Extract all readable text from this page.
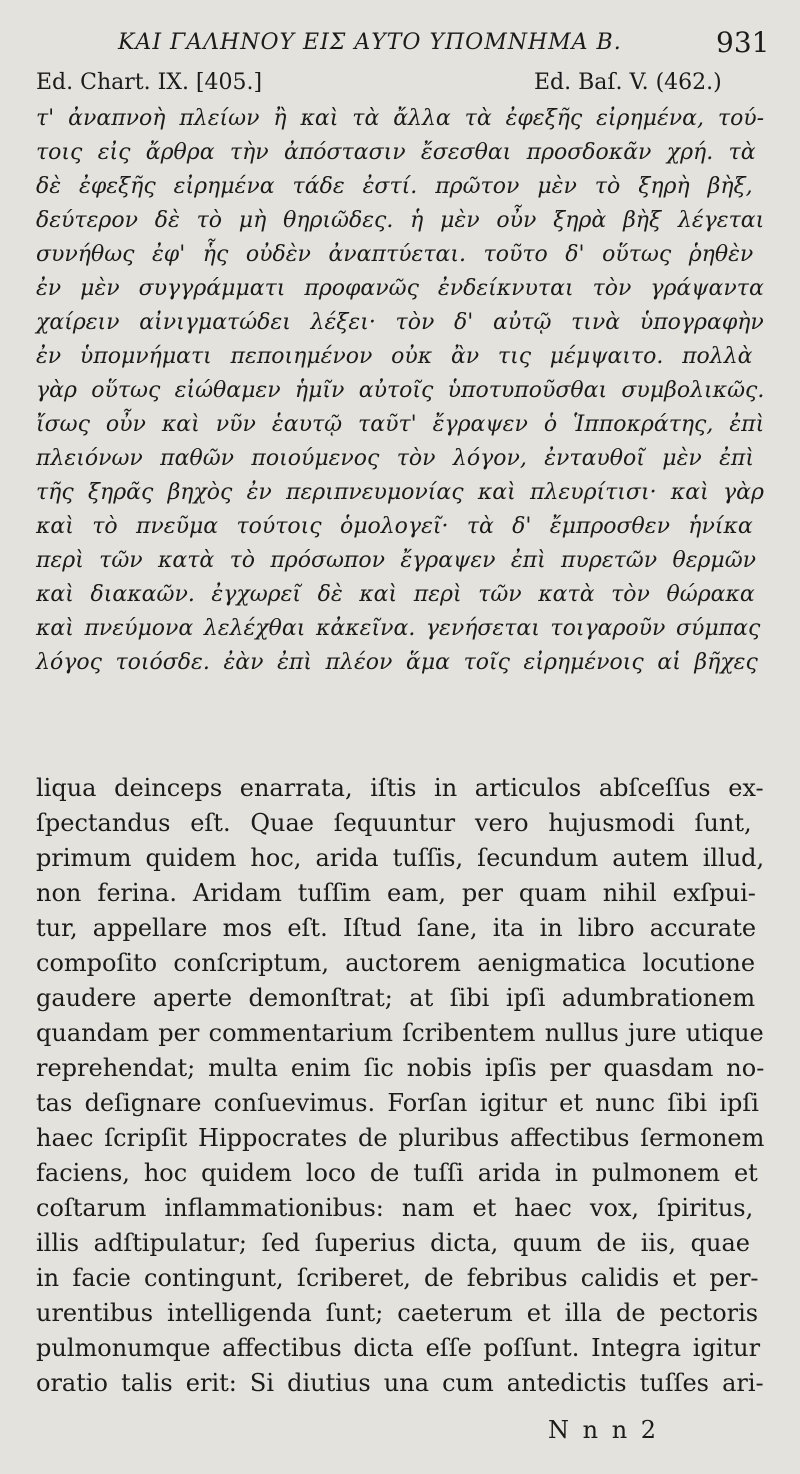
ΚΑΙ ΓΑΛΗΝΟΥ ΕΙΣ ΑΥΤΟ ΥΠΟΜΝΗΜΑ Β.	931
Ed. Chart. IX. [405.]	Ed. Baſ. V. (462.)

τ' ἀναπνοὴ πλείων ἢ καὶ τὰ ἄλλα τὰ ἐφεξῆς εἰρημένα, τού-
τοις εἰς ἄρθρα τὴν ἀπόστασιν ἔσεσθαι προσδοκᾶν χρή. τὰ
δὲ ἐφεξῆς εἰρημένα τάδε ἐστί. πρῶτον μὲν τὸ ξηρὴ βὴξ,
δεύτερον δὲ τὸ μὴ θηριῶδες. ἡ μὲν οὖν ξηρὰ βὴξ λέγεται
συνήθως ἐφ' ἧς οὐδὲν ἀναπτύεται. τοῦτο δ' οὕτως ῥηθὲν
ἐν μὲν συγγράμματι προφανῶς ἐνδείκνυται τὸν γράψαντα
χαίρειν αἰνιγματώδει λέξει· τὸν δ' αὐτῷ τινὰ ὑπογραφὴν
ἐν ὑπομνήματι πεποιημένον οὐκ ἂν τις μέμψαιτο. πολλὰ
γὰρ οὕτως εἰώθαμεν ἡμῖν αὐτοῖς ὑποτυποῦσθαι συμβολικῶς.
ἴσως οὖν καὶ νῦν ἑαυτῷ ταῦτ' ἔγραψεν ὁ Ἱπποκράτης, ἐπὶ
πλειόνων παθῶν ποιούμενος τὸν λόγον, ἐνταυθοῖ μὲν ἐπὶ
τῆς ξηρᾶς βηχὸς ἐν περιπνευμονίας καὶ πλευρίτισι· καὶ γὰρ
καὶ τὸ πνεῦμα τούτοις ὁμολογεῖ· τὰ δ' ἔμπροσθεν ἡνίκα
περὶ τῶν κατὰ τὸ πρόσωπον ἔγραψεν ἐπὶ πυρετῶν θερμῶν
καὶ διακαῶν. ἐγχωρεῖ δὲ καὶ περὶ τῶν κατὰ τὸν θώρακα
καὶ πνεύμονα λελέχθαι κἀκεῖνα. γενήσεται τοιγαροῦν σύμπας
λόγος τοιόσδε. ἐὰν ἐπὶ πλέον ἅμα τοῖς εἰρημένοις αἱ βῆχες
liqua deinceps enarrata, iſtis in articulos abſceſſus ex-
ſpectandus eſt. Quae ſequuntur vero hujusmodi ſunt,
primum quidem hoc, arida tuſſis, ſecundum autem illud,
non ferina. Aridam tuſſim eam, per quam nihil exſpui-
tur, appellare mos eſt. Iſtud ſane, ita in libro accurate
compoſito conſcriptum, auctorem aenigmatica locutione
gaudere aperte demonſtrat; at ſibi ipſi adumbrationem
quandam per commentarium ſcribentem nullus jure utique
reprehendat; multa enim ſic nobis ipſis per quasdam no-
tas deſignare conſuevimus. Forſan igitur et nunc ſibi ipſi
haec ſcripſit Hippocrates de pluribus affectibus ſermonem
faciens, hoc quidem loco de tuſſi arida in pulmonem et
coſtarum inflammationibus: nam et haec vox, ſpiritus,
illis adſtipulatur; ſed ſuperius dicta, quum de iis, quae
in facie contingunt, ſcriberet, de febribus calidis et per-
urentibus intelligenda ſunt; caeterum et illa de pectoris
pulmonumque affectibus dicta eſſe poſſunt. Integra igitur
oratio talis erit: Si diutius una cum antedictis tuſſes ari-
N n n 2
